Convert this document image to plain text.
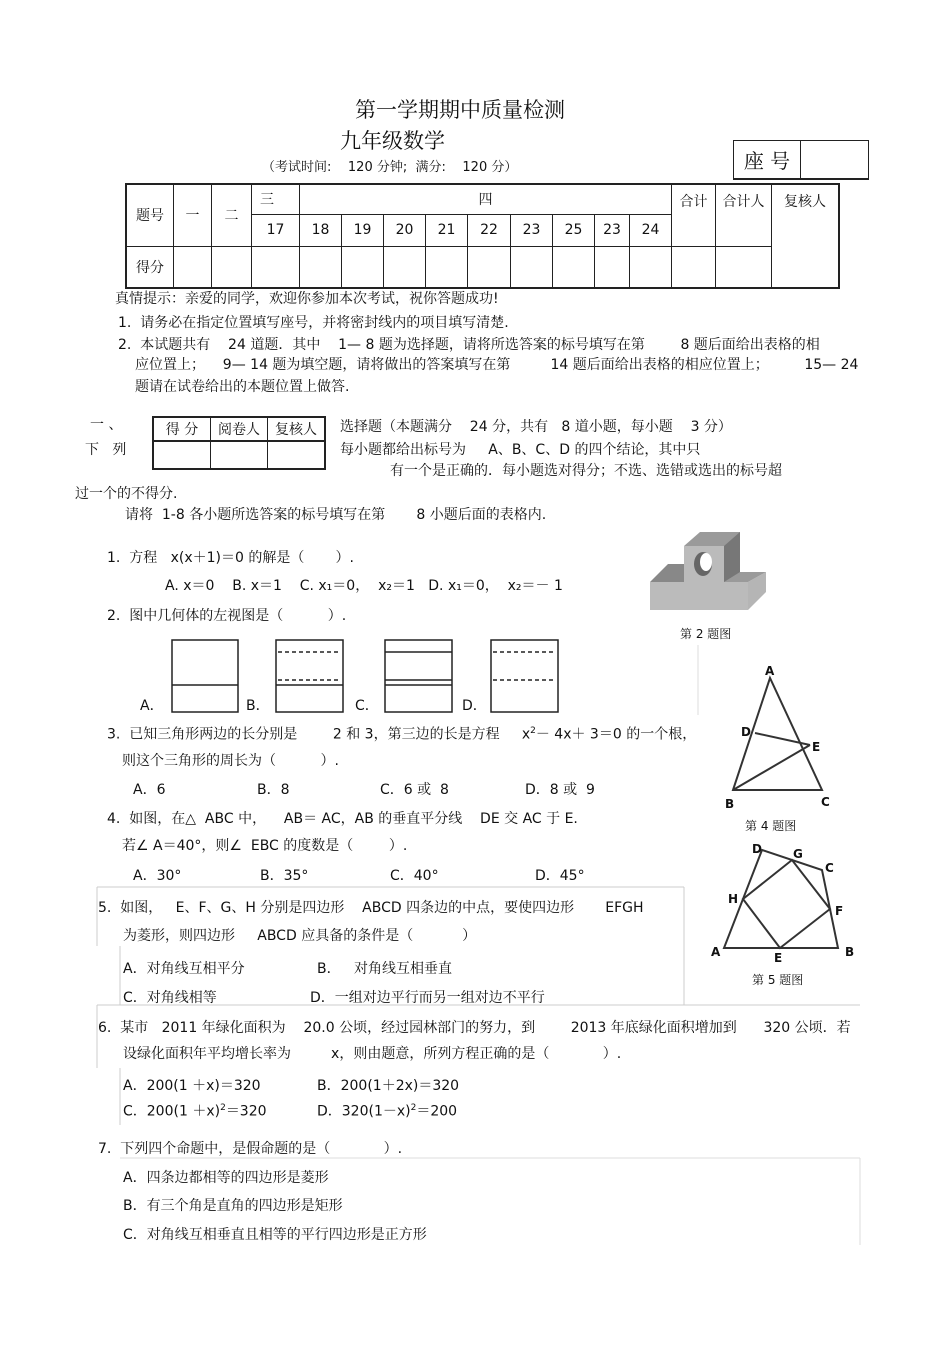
第一学期期中质量检测
九年级数学
（考试时间:    120 分钟;  满分:    120 分）	座 号
题号	一	二	三	四									合计	合计人	复核人
			17	18	19	20	21	22	23	25	23	24			
得分															
真情提示：亲爱的同学，欢迎你参加本次考试，祝你答题成功!
1.  请务必在指定位置填写座号，并将密封线内的项目填写清楚.
2.  本试题共有    24 道题．其中    1— 8 题为选择题，请将所选答案的标号填写在第        8 题后面给出表格的相
应位置上；    9— 14 题为填空题，请将做出的答案填写在第         14 题后面给出表格的相应位置上；        15— 24
题请在试卷给出的本题位置上做答.
一 、
下   列
得 分	阅卷人	复核人
		选择题（本题满分    24 分，共有   8 道小题，每小题    3 分）
每小题都给出标号为     A、B、C、D 的四个结论，其中只
有一个是正确的．每小题选对得分；不选、选错或选出的标号超
过一个的不得分.
请将  1-8 各小题所选答案的标号填写在第       8 小题后面的表格内.
1.  方程   x(x＋1)＝0 的解是（       ）.
A. x＝0    B. x＝1    C. x₁＝0，  x₂＝1   D. x₁＝0，  x₂＝－ 1
2.  图中几何体的左视图是（          ）.
A．	B．	C．	D．
第 2 题图
A
D
E
B	C
第 4 题图
D	G
C
H
F
A	E	B
第 5 题图
3.  已知三角形两边的长分别是        2 和 3，第三边的长是方程     $x^2- 4x+ 3=0$ 的一个根，
则这个三角形的周长为（          ）.
A．6	B．8	C．6 或  8	D．8 或  9
4.  如图，在△  ABC 中，    AB＝ AC，AB 的垂直平分线    DE 交 AC 于 E.
若∠ A＝40°，则∠  EBC 的度数是（        ）.
A．30°	B．35°	C．40°	D．45°
5.  如图，   E、F、G、H 分别是四边形    ABCD 四条边的中点，要使四边形       EFGH
为菱形，则四边形     ABCD 应具备的条件是（           ）
A．对角线互相平分	B．   对角线互相垂直
C．对角线相等	D．一组对边平行而另一组对边不平行
6.  某市   2011 年绿化面积为    20.0 公顷，经过园林部门的努力，到        2013 年底绿化面积增加到      320 公顷．若
设绿化面积年平均增长率为         x，则由题意，所列方程正确的是（            ）.
A．200(1 ＋x)＝320	B．200(1＋2x)＝320
C．$200(1 +x)^2=320$	D．$320(1-x)^2=200$
7.  下列四个命题中，是假命题的是（            ）.
A．四条边都相等的四边形是菱形
B．有三个角是直角的四边形是矩形
C．对角线互相垂直且相等的平行四边形是正方形
